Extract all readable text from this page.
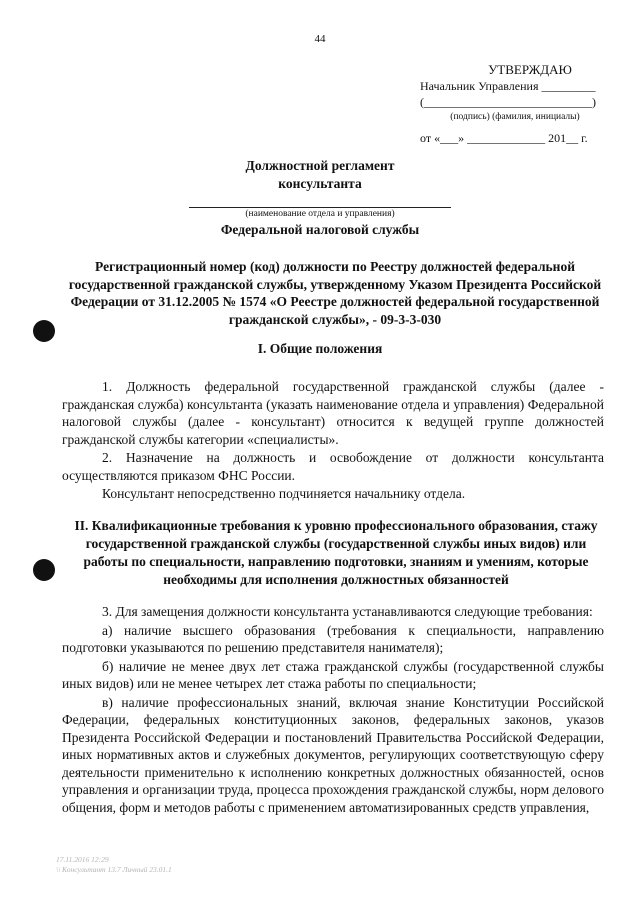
44
УТВЕРЖДАЮ
Начальник Управления _________
(____________________________)
(подпись) (фамилия, инициалы)
от «___» _____________ 201__ г.
Должностной регламент
консультанта
(наименование отдела и управления)
Федеральной налоговой службы
Регистрационный номер (код) должности по Реестру должностей федеральной государственной гражданской службы, утвержденному Указом Президента Российской Федерации от 31.12.2005 № 1574 «О Реестре должностей федеральной государственной гражданской службы», - 09-3-3-030
I. Общие положения

1. Должность федеральной государственной гражданской службы (далее - гражданская служба) консультанта (указать наименование отдела и управления) Федеральной налоговой службы (далее - консультант) относится к ведущей группе должностей гражданской службы категории «специалисты».

2. Назначение на должность и освобождение от должности консультанта осуществляются приказом ФНС России.

Консультант непосредственно подчиняется начальнику отдела.

II. Квалификационные требования к уровню профессионального образования, стажу государственной гражданской службы (государственной службы иных видов) или работы по специальности, направлению подготовки, знаниям и умениям, которые необходимы для исполнения должностных обязанностей

3. Для замещения должности консультанта устанавливаются следующие требования:

а) наличие высшего образования (требования к специальности, направлению подготовки указываются по решению представителя нанимателя);

б) наличие не менее двух лет стажа гражданской службы (государственной службы иных видов) или не менее четырех лет стажа работы по специальности;

в) наличие профессиональных знаний, включая знание Конституции Российской Федерации, федеральных конституционных законов, федеральных законов, указов Президента Российской Федерации и постановлений Правительства Российской Федерации, иных нормативных актов и служебных документов, регулирующих соответствующую сферу деятельности применительно к исполнению конкретных должностных обязанностей, основ управления и организации труда, процесса прохождения гражданской службы, норм делового общения, форм и методов работы с применением автоматизированных средств управления,

17.11.2016 12:29
\\ Консультант 13.7 Личный 23.01.1
